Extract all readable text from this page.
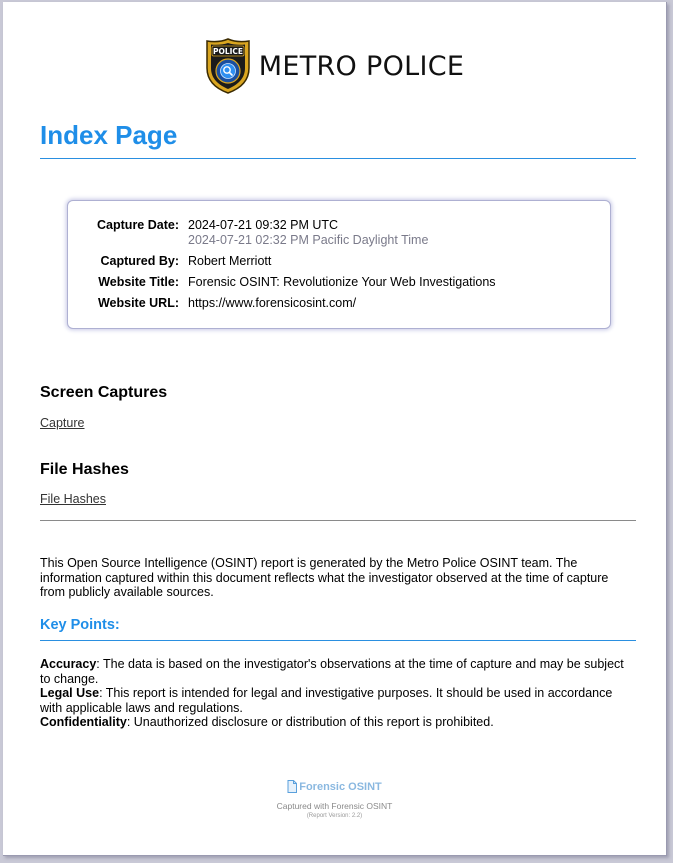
POLICE METRO POLICE
Index Page
Capture Date: 2024-07-21 09:32 PM UTC
2024-07-21 02:32 PM Pacific Daylight Time
Captured By: Robert Merriott
Website Title: Forensic OSINT: Revolutionize Your Web Investigations
Website URL: https://www.forensicosint.com/
Screen Captures
Capture
File Hashes
File Hashes

This Open Source Intelligence (OSINT) report is generated by the Metro Police OSINT team. The information captured within this document reflects what the investigator observed at the time of capture from publicly available sources.

Key Points:

Accuracy: The data is based on the investigator's observations at the time of capture and may be subject to change.

Legal Use: This report is intended for legal and investigative purposes. It should be used in accordance with applicable laws and regulations.

Confidentiality: Unauthorized disclosure or distribution of this report is prohibited.

Forensic OSINT
Captured with Forensic OSINT
(Report Version: 2.2)
